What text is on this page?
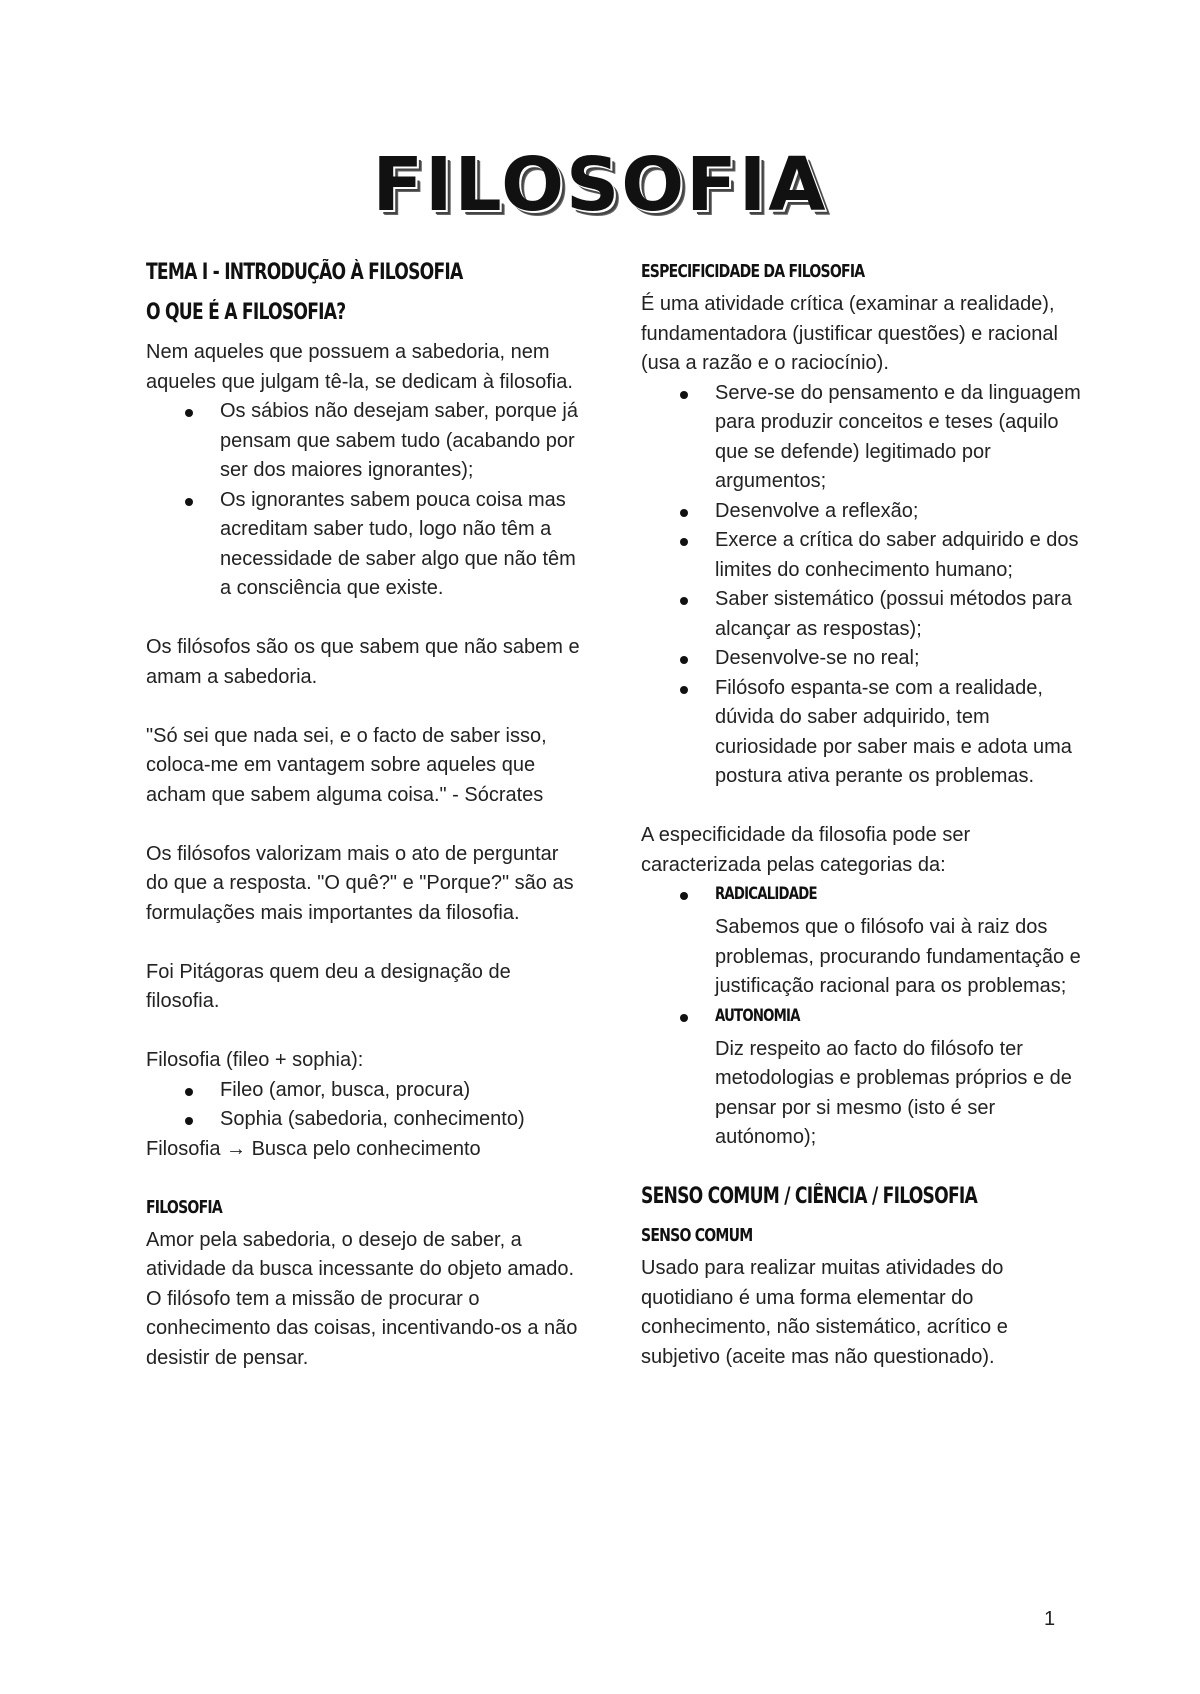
FILOSOFIA
TEMA I - INTRODUÇÃO À FILOSOFIA
O QUE É A FILOSOFIA?

Nem aqueles que possuem a sabedoria, nem aqueles que julgam tê-la, se dedicam à filosofia.

Os sábios não desejam saber, porque já pensam que sabem tudo (acabando por ser dos maiores ignorantes);
Os ignorantes sabem pouca coisa mas acreditam saber tudo, logo não têm a necessidade de saber algo que não têm a consciência que existe.

Os filósofos são os que sabem que não sabem e amam a sabedoria.

"Só sei que nada sei, e o facto de saber isso, coloca-me em vantagem sobre aqueles que acham que sabem alguma coisa." - Sócrates

Os filósofos valorizam mais o ato de perguntar do que a resposta. "O quê?" e "Porque?" são as formulações mais importantes da filosofia.

Foi Pitágoras quem deu a designação de filosofia.

Filosofia (fileo + sophia):

Fileo (amor, busca, procura)
Sophia (sabedoria, conhecimento)

Filosofia → Busca pelo conhecimento

FILOSOFIA

Amor pela sabedoria, o desejo de saber, a atividade da busca incessante do objeto amado. O filósofo tem a missão de procurar o conhecimento das coisas, incentivando-os a não desistir de pensar.

ESPECIFICIDADE DA FILOSOFIA

É uma atividade crítica (examinar a realidade), fundamentadora (justificar questões) e racional (usa a razão e o raciocínio).

Serve-se do pensamento e da linguagem para produzir conceitos e teses (aquilo que se defende) legitimado por argumentos;
Desenvolve a reflexão;
Exerce a crítica do saber adquirido e dos limites do conhecimento humano;
Saber sistemático (possui métodos para alcançar as respostas);
Desenvolve-se no real;
Filósofo espanta-se com a realidade, dúvida do saber adquirido, tem curiosidade por saber mais e adota uma postura ativa perante os problemas.

A especificidade da filosofia pode ser caracterizada pelas categorias da:

RADICALIDADE
Sabemos que o filósofo vai à raiz dos problemas, procurando fundamentação e justificação racional para os problemas;
AUTONOMIA
Diz respeito ao facto do filósofo ter metodologias e problemas próprios e de pensar por si mesmo (isto é ser autónomo);
SENSO COMUM / CIÊNCIA / FILOSOFIA
SENSO COMUM

Usado para realizar muitas atividades do quotidiano é uma forma elementar do conhecimento, não sistemático, acrítico e subjetivo (aceite mas não questionado).

1
